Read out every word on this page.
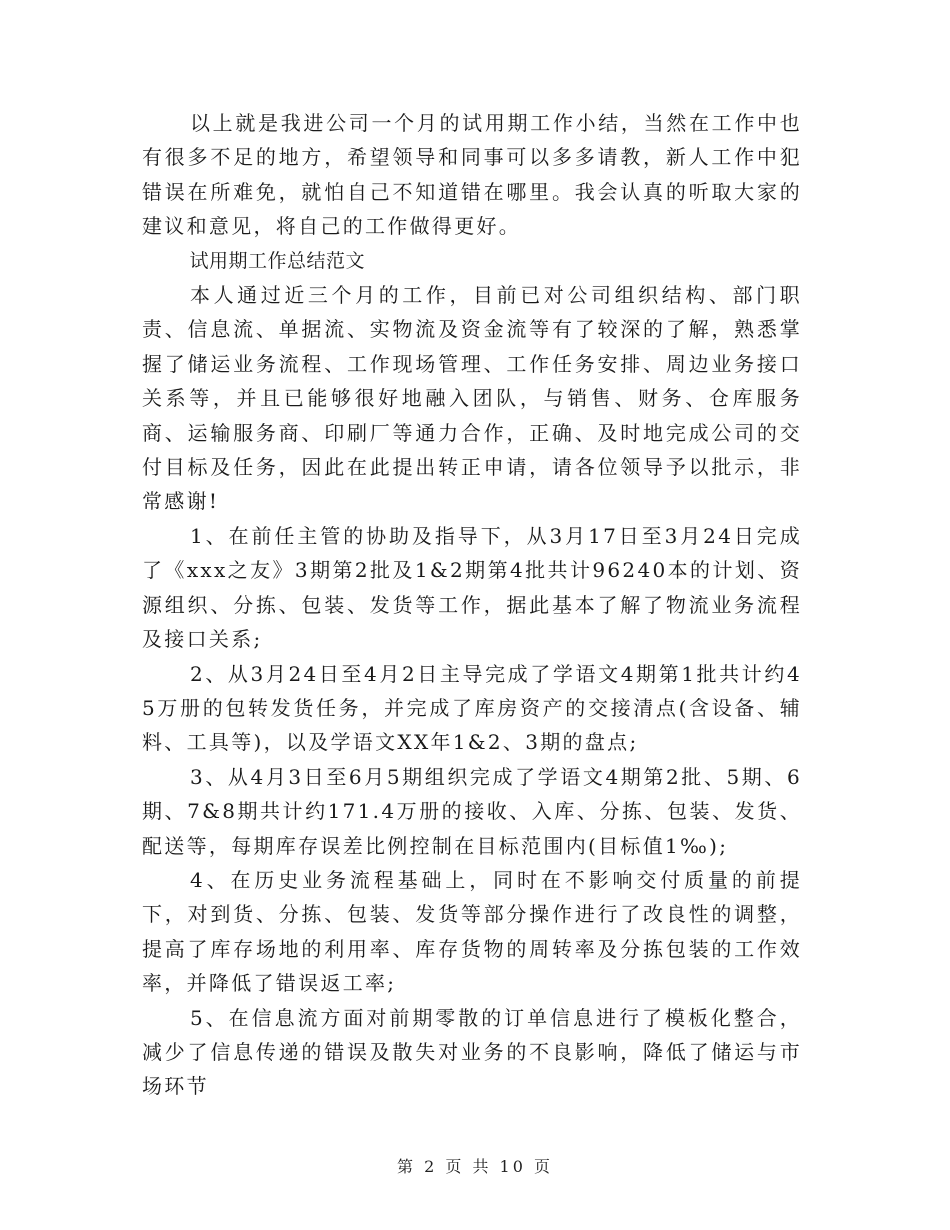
以上就是我进公司一个月的试用期工作小结，当然在工作中也有很多不足的地方，希望领导和同事可以多多请教，新人工作中犯错误在所难免，就怕自己不知道错在哪里。我会认真的听取大家的建议和意见，将自己的工作做得更好。

试用期工作总结范文

本人通过近三个月的工作，目前已对公司组织结构、部门职责、信息流、单据流、实物流及资金流等有了较深的了解，熟悉掌握了储运业务流程、工作现场管理、工作任务安排、周边业务接口关系等，并且已能够很好地融入团队，与销售、财务、仓库服务商、运输服务商、印刷厂等通力合作，正确、及时地完成公司的交付目标及任务，因此在此提出转正申请，请各位领导予以批示，非常感谢!

1、在前任主管的协助及指导下，从3月17日至3月24日完成了《xxx之友》3期第2批及1&2期第4批共计96240本的计划、资源组织、分拣、包装、发货等工作，据此基本了解了物流业务流程及接口关系;

2、从3月24日至4月2日主导完成了学语文4期第1批共计约45万册的包转发货任务，并完成了库房资产的交接清点(含设备、辅料、工具等)，以及学语文XX年1&2、3期的盘点;

3、从4月3日至6月5期组织完成了学语文4期第2批、5期、6期、7&8期共计约171.4万册的接收、入库、分拣、包装、发货、配送等，每期库存误差比例控制在目标范围内(目标值1‰);

4、在历史业务流程基础上，同时在不影响交付质量的前提下，对到货、分拣、包装、发货等部分操作进行了改良性的调整，提高了库存场地的利用率、库存货物的周转率及分拣包装的工作效率，并降低了错误返工率;

5、在信息流方面对前期零散的订单信息进行了模板化整合，减少了信息传递的错误及散失对业务的不良影响，降低了储运与市场环节

第 2 页 共 10 页
